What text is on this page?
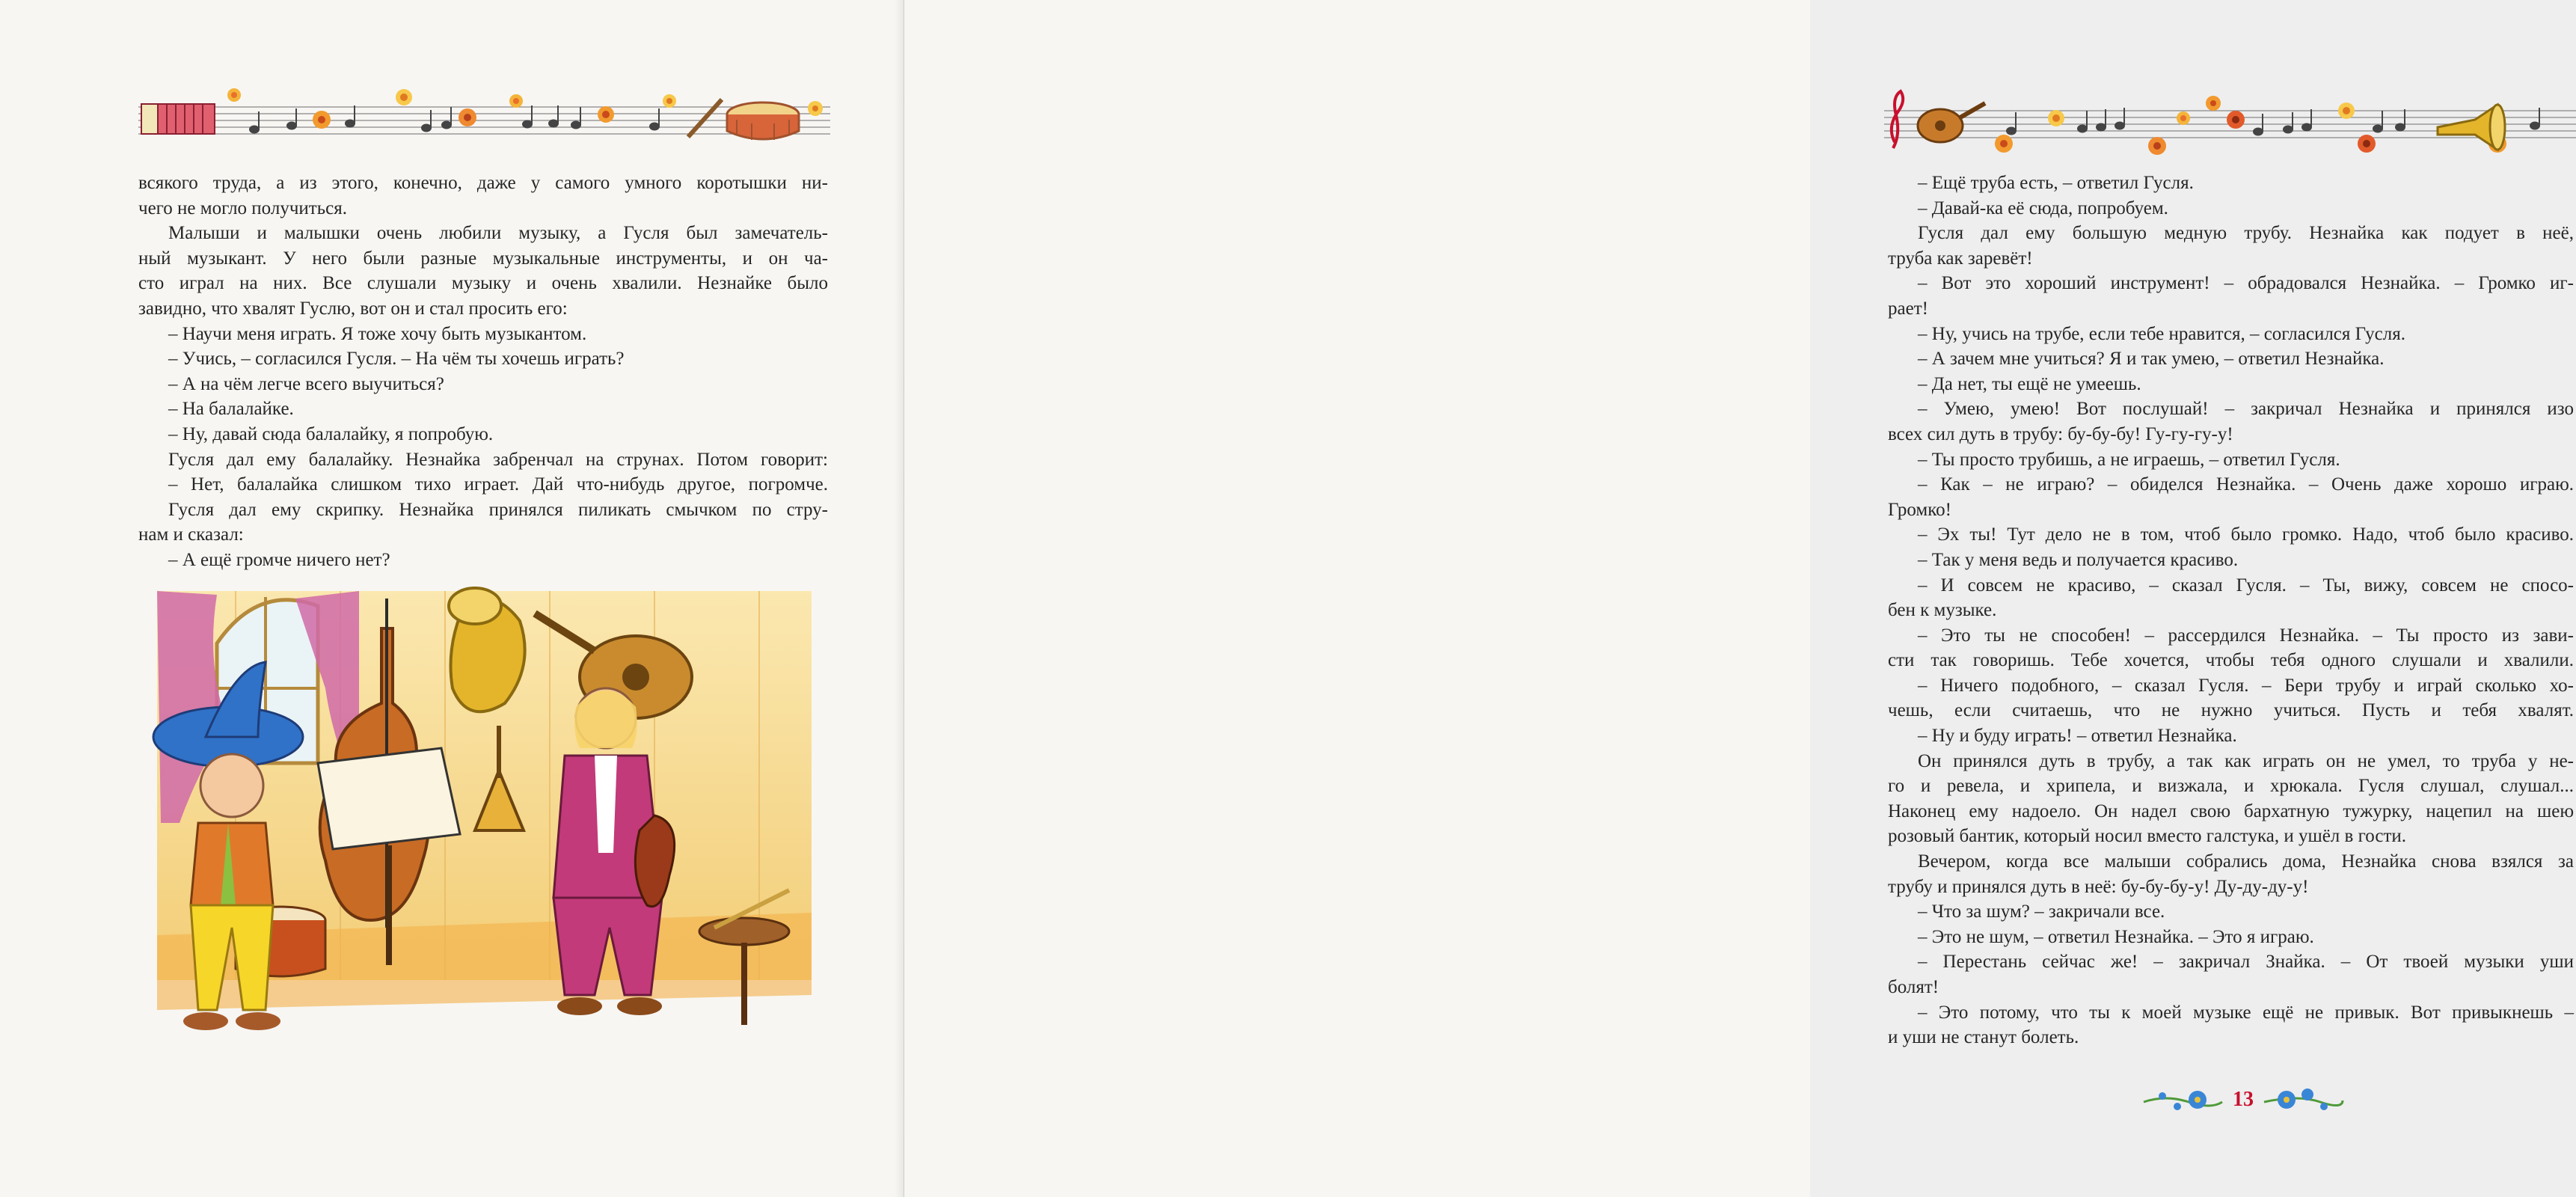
всякого труда, а из этого, конечно, даже у самого умного коротышки ни-
чего не могло получиться.
Малыши и малышки очень любили музыку, а Гусля был замечатель-
ный музыкант. У него были разные музыкальные инструменты, и он ча-
сто играл на них. Все слушали музыку и очень хвалили. Незнайке было
завидно, что хвалят Гуслю, вот он и стал просить его:
– Научи меня играть. Я тоже хочу быть музыкантом.
– Учись, – согласился Гусля. – На чём ты хочешь играть?
– А на чём легче всего выучиться?
– На балалайке.
– Ну, давай сюда балалайку, я попробую.
Гусля дал ему балалайку. Незнайка забренчал на струнах. Потом говорит:
– Нет, балалайка слишком тихо играет. Дай что-нибудь другое, погромче.
Гусля дал ему скрипку. Незнайка принялся пиликать смычком по стру-
нам и сказал:
– А ещё громче ничего нет?
– Ещё труба есть, – ответил Гусля.
– Давай-ка её сюда, попробуем.
Гусля дал ему большую медную трубу. Незнайка как подует в неё,
труба как заревёт!
– Вот это хороший инструмент! – обрадовался Незнайка. – Громко иг-
рает!
– Ну, учись на трубе, если тебе нравится, – согласился Гусля.
– А зачем мне учиться? Я и так умею, – ответил Незнайка.
– Да нет, ты ещё не умеешь.
– Умею, умею! Вот послушай! – закричал Незнайка и принялся изо
всех сил дуть в трубу: бу-бу-бу! Гу-гу-гу-у!
– Ты просто трубишь, а не играешь, – ответил Гусля.
– Как – не играю? – обиделся Незнайка. – Очень даже хорошо играю.
Громко!
– Эх ты! Тут дело не в том, чтоб было громко. Надо, чтоб было красиво.
– Так у меня ведь и получается красиво.
– И совсем не красиво, – сказал Гусля. – Ты, вижу, совсем не спосо-
бен к музыке.
– Это ты не способен! – рассердился Незнайка. – Ты просто из зави-
сти так говоришь. Тебе хочется, чтобы тебя одного слушали и хвалили.
– Ничего подобного, – сказал Гусля. – Бери трубу и играй сколько хо-
чешь, если считаешь, что не нужно учиться. Пусть и тебя хвалят.
– Ну и буду играть! – ответил Незнайка.
Он принялся дуть в трубу, а так как играть он не умел, то труба у не-
го и ревела, и хрипела, и визжала, и хрюкала. Гусля слушал, слушал...
Наконец ему надоело. Он надел свою бархатную тужурку, нацепил на шею
розовый бантик, который носил вместо галстука, и ушёл в гости.
Вечером, когда все малыши собрались дома, Незнайка снова взялся за
трубу и принялся дуть в неё: бу-бу-бу-у! Ду-ду-ду-у!
– Что за шум? – закричали все.
– Это не шум, – ответил Незнайка. – Это я играю.
– Перестань сейчас же! – закричал Знайка. – От твоей музыки уши
болят!
– Это потому, что ты к моей музыке ещё не привык. Вот привыкнешь –
и уши не станут болеть.
13
